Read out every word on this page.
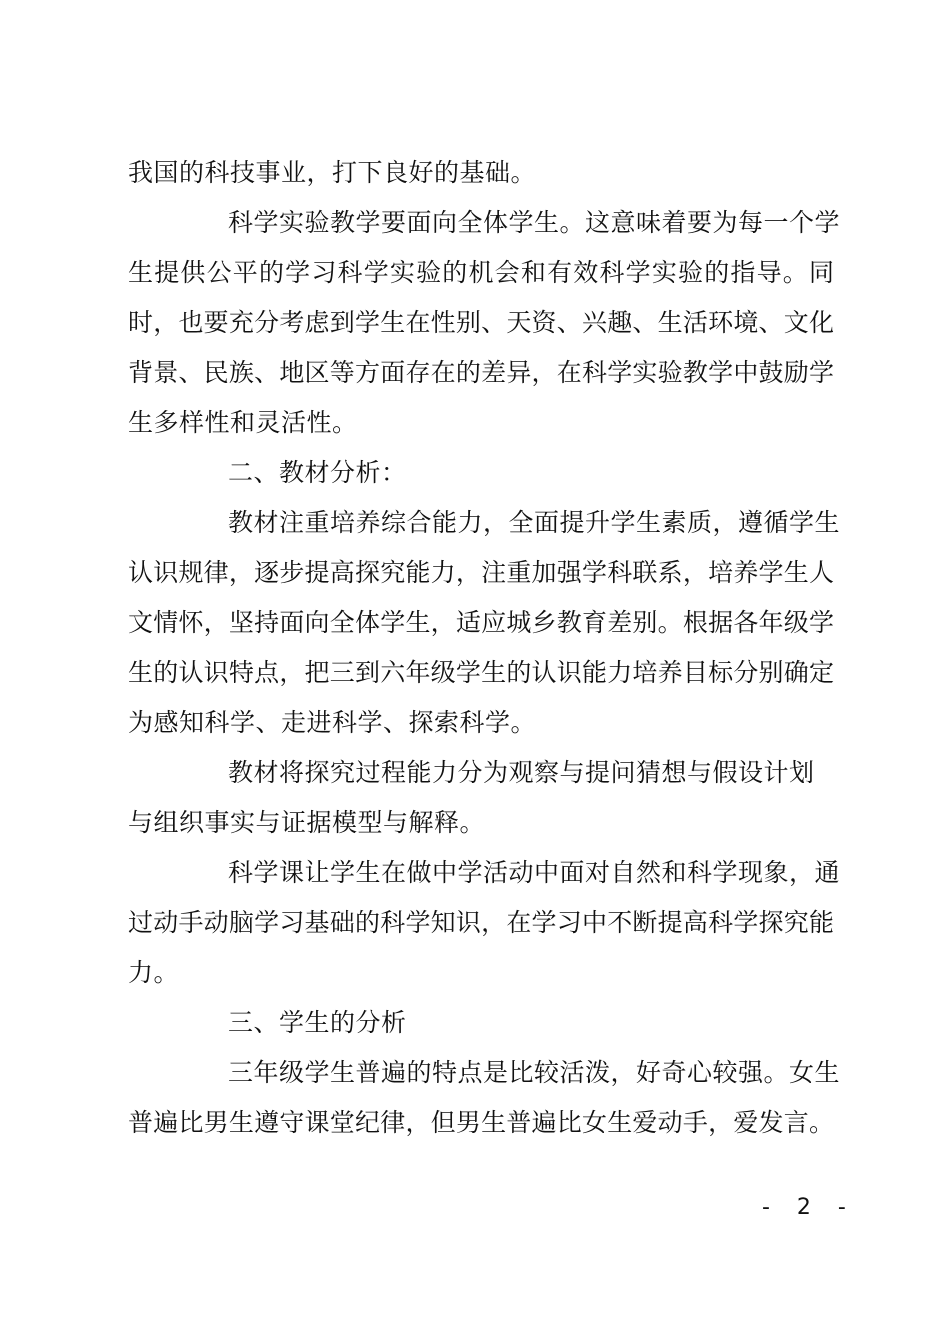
我国的科技事业，打下良好的基础。
科学实验教学要面向全体学生。这意味着要为每一个学
生提供公平的学习科学实验的机会和有效科学实验的指导。同
时，也要充分考虑到学生在性别、天资、兴趣、生活环境、文化
背景、民族、地区等方面存在的差异，在科学实验教学中鼓励学
生多样性和灵活性。
二、教材分析：
教材注重培养综合能力，全面提升学生素质，遵循学生
认识规律，逐步提高探究能力，注重加强学科联系，培养学生人
文情怀，坚持面向全体学生，适应城乡教育差别。根据各年级学
生的认识特点，把三到六年级学生的认识能力培养目标分别确定
为感知科学、走进科学、探索科学。
教材将探究过程能力分为观察与提问猜想与假设计划
与组织事实与证据模型与解释。
科学课让学生在做中学活动中面对自然和科学现象，通
过动手动脑学习基础的科学知识，在学习中不断提高科学探究能
力。
三、学生的分析
三年级学生普遍的特点是比较活泼，好奇心较强。女生
普遍比男生遵守课堂纪律，但男生普遍比女生爱动手，爱发言。
- 2 -
